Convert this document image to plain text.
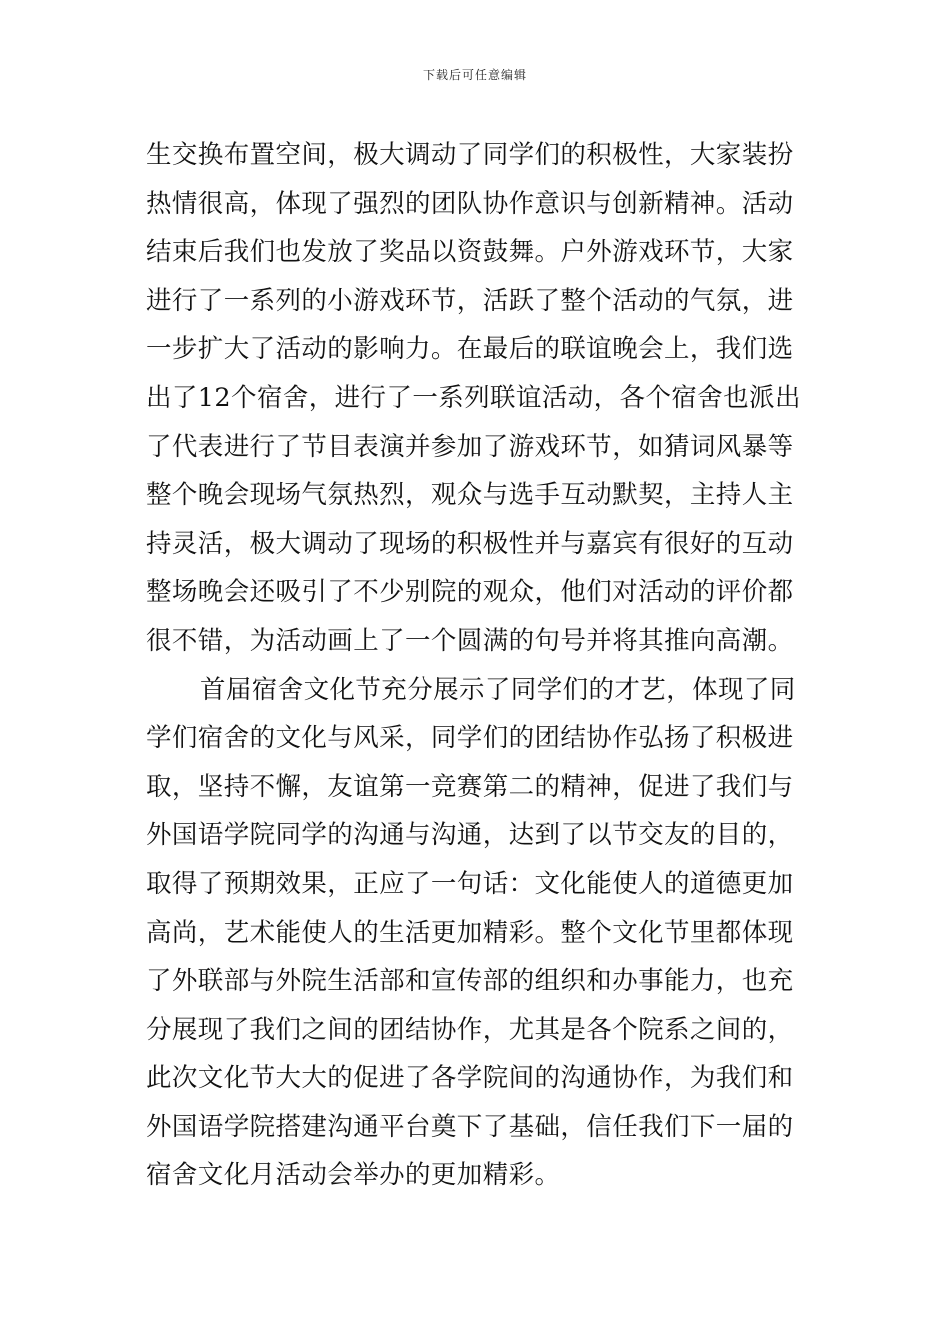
下载后可任意编辑
生交换布置空间，极大调动了同学们的积极性，大家装扮
热情很高，体现了强烈的团队协作意识与创新精神。活动
结束后我们也发放了奖品以资鼓舞。户外游戏环节，大家
进行了一系列的小游戏环节，活跃了整个活动的气氛，进
一步扩大了活动的影响力。在最后的联谊晚会上，我们选
出了12个宿舍，进行了一系列联谊活动，各个宿舍也派出
了代表进行了节目表演并参加了游戏环节，如猜词风暴等
整个晚会现场气氛热烈，观众与选手互动默契，主持人主
持灵活，极大调动了现场的积极性并与嘉宾有很好的互动
整场晚会还吸引了不少别院的观众，他们对活动的评价都
很不错，为活动画上了一个圆满的句号并将其推向高潮。
首届宿舍文化节充分展示了同学们的才艺，体现了同
学们宿舍的文化与风采，同学们的团结协作弘扬了积极进
取，坚持不懈，友谊第一竞赛第二的精神，促进了我们与
外国语学院同学的沟通与沟通，达到了以节交友的目的，
取得了预期效果，正应了一句话：文化能使人的道德更加
高尚，艺术能使人的生活更加精彩。整个文化节里都体现
了外联部与外院生活部和宣传部的组织和办事能力，也充
分展现了我们之间的团结协作，尤其是各个院系之间的，
此次文化节大大的促进了各学院间的沟通协作，为我们和
外国语学院搭建沟通平台奠下了基础，信任我们下一届的
宿舍文化月活动会举办的更加精彩。
